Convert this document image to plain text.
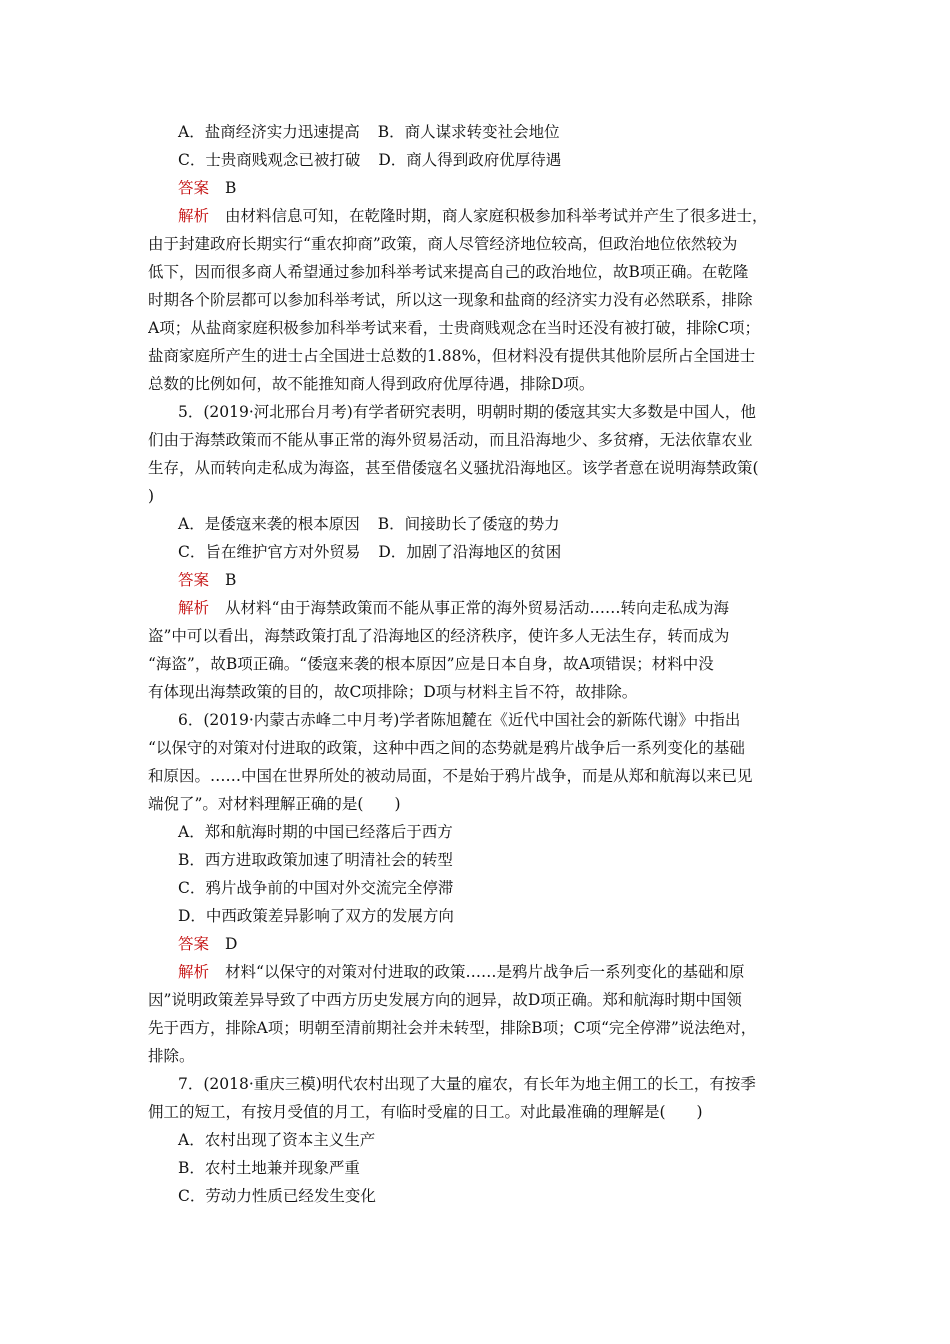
A．盐商经济实力迅速提高 B．商人谋求转变社会地位
C．士贵商贱观念已被打破 D．商人得到政府优厚待遇
答案 B
解析 由材料信息可知，在乾隆时期，商人家庭积极参加科举考试并产生了很多进士，
由于封建政府长期实行“重农抑商”政策，商人尽管经济地位较高，但政治地位依然较为
低下，因而很多商人希望通过参加科举考试来提高自己的政治地位，故B项正确。在乾隆
时期各个阶层都可以参加科举考试，所以这一现象和盐商的经济实力没有必然联系，排除
A项；从盐商家庭积极参加科举考试来看，士贵商贱观念在当时还没有被打破，排除C项；
盐商家庭所产生的进士占全国进士总数的1.88%，但材料没有提供其他阶层所占全国进士
总数的比例如何，故不能推知商人得到政府优厚待遇，排除D项。
5．(2019·河北邢台月考)有学者研究表明，明朝时期的倭寇其实大多数是中国人，他
们由于海禁政策而不能从事正常的海外贸易活动，而且沿海地少、多贫瘠，无法依靠农业
生存，从而转向走私成为海盗，甚至借倭寇名义骚扰沿海地区。该学者意在说明海禁政策(
)
A．是倭寇来袭的根本原因 B．间接助长了倭寇的势力
C．旨在维护官方对外贸易 D．加剧了沿海地区的贫困
答案 B
解析 从材料“由于海禁政策而不能从事正常的海外贸易活动……转向走私成为海
盗”中可以看出，海禁政策打乱了沿海地区的经济秩序，使许多人无法生存，转而成为
“海盗”，故B项正确。“倭寇来袭的根本原因”应是日本自身，故A项错误；材料中没
有体现出海禁政策的目的，故C项排除；D项与材料主旨不符，故排除。
6．(2019·内蒙古赤峰二中月考)学者陈旭麓在《近代中国社会的新陈代谢》中指出
“以保守的对策对付进取的政策，这种中西之间的态势就是鸦片战争后一系列变化的基础
和原因。……中国在世界所处的被动局面，不是始于鸦片战争，而是从郑和航海以来已见
端倪了”。对材料理解正确的是(　　)
A．郑和航海时期的中国已经落后于西方
B．西方进取政策加速了明清社会的转型
C．鸦片战争前的中国对外交流完全停滞
D．中西政策差异影响了双方的发展方向
答案 D
解析 材料“以保守的对策对付进取的政策……是鸦片战争后一系列变化的基础和原
因”说明政策差异导致了中西方历史发展方向的迥异，故D项正确。郑和航海时期中国领
先于西方，排除A项；明朝至清前期社会并未转型，排除B项；C项“完全停滞”说法绝对，
排除。
7．(2018·重庆三模)明代农村出现了大量的雇农，有长年为地主佣工的长工，有按季
佣工的短工，有按月受值的月工，有临时受雇的日工。对此最准确的理解是(　　)
A．农村出现了资本主义生产
B．农村土地兼并现象严重
C．劳动力性质已经发生变化
